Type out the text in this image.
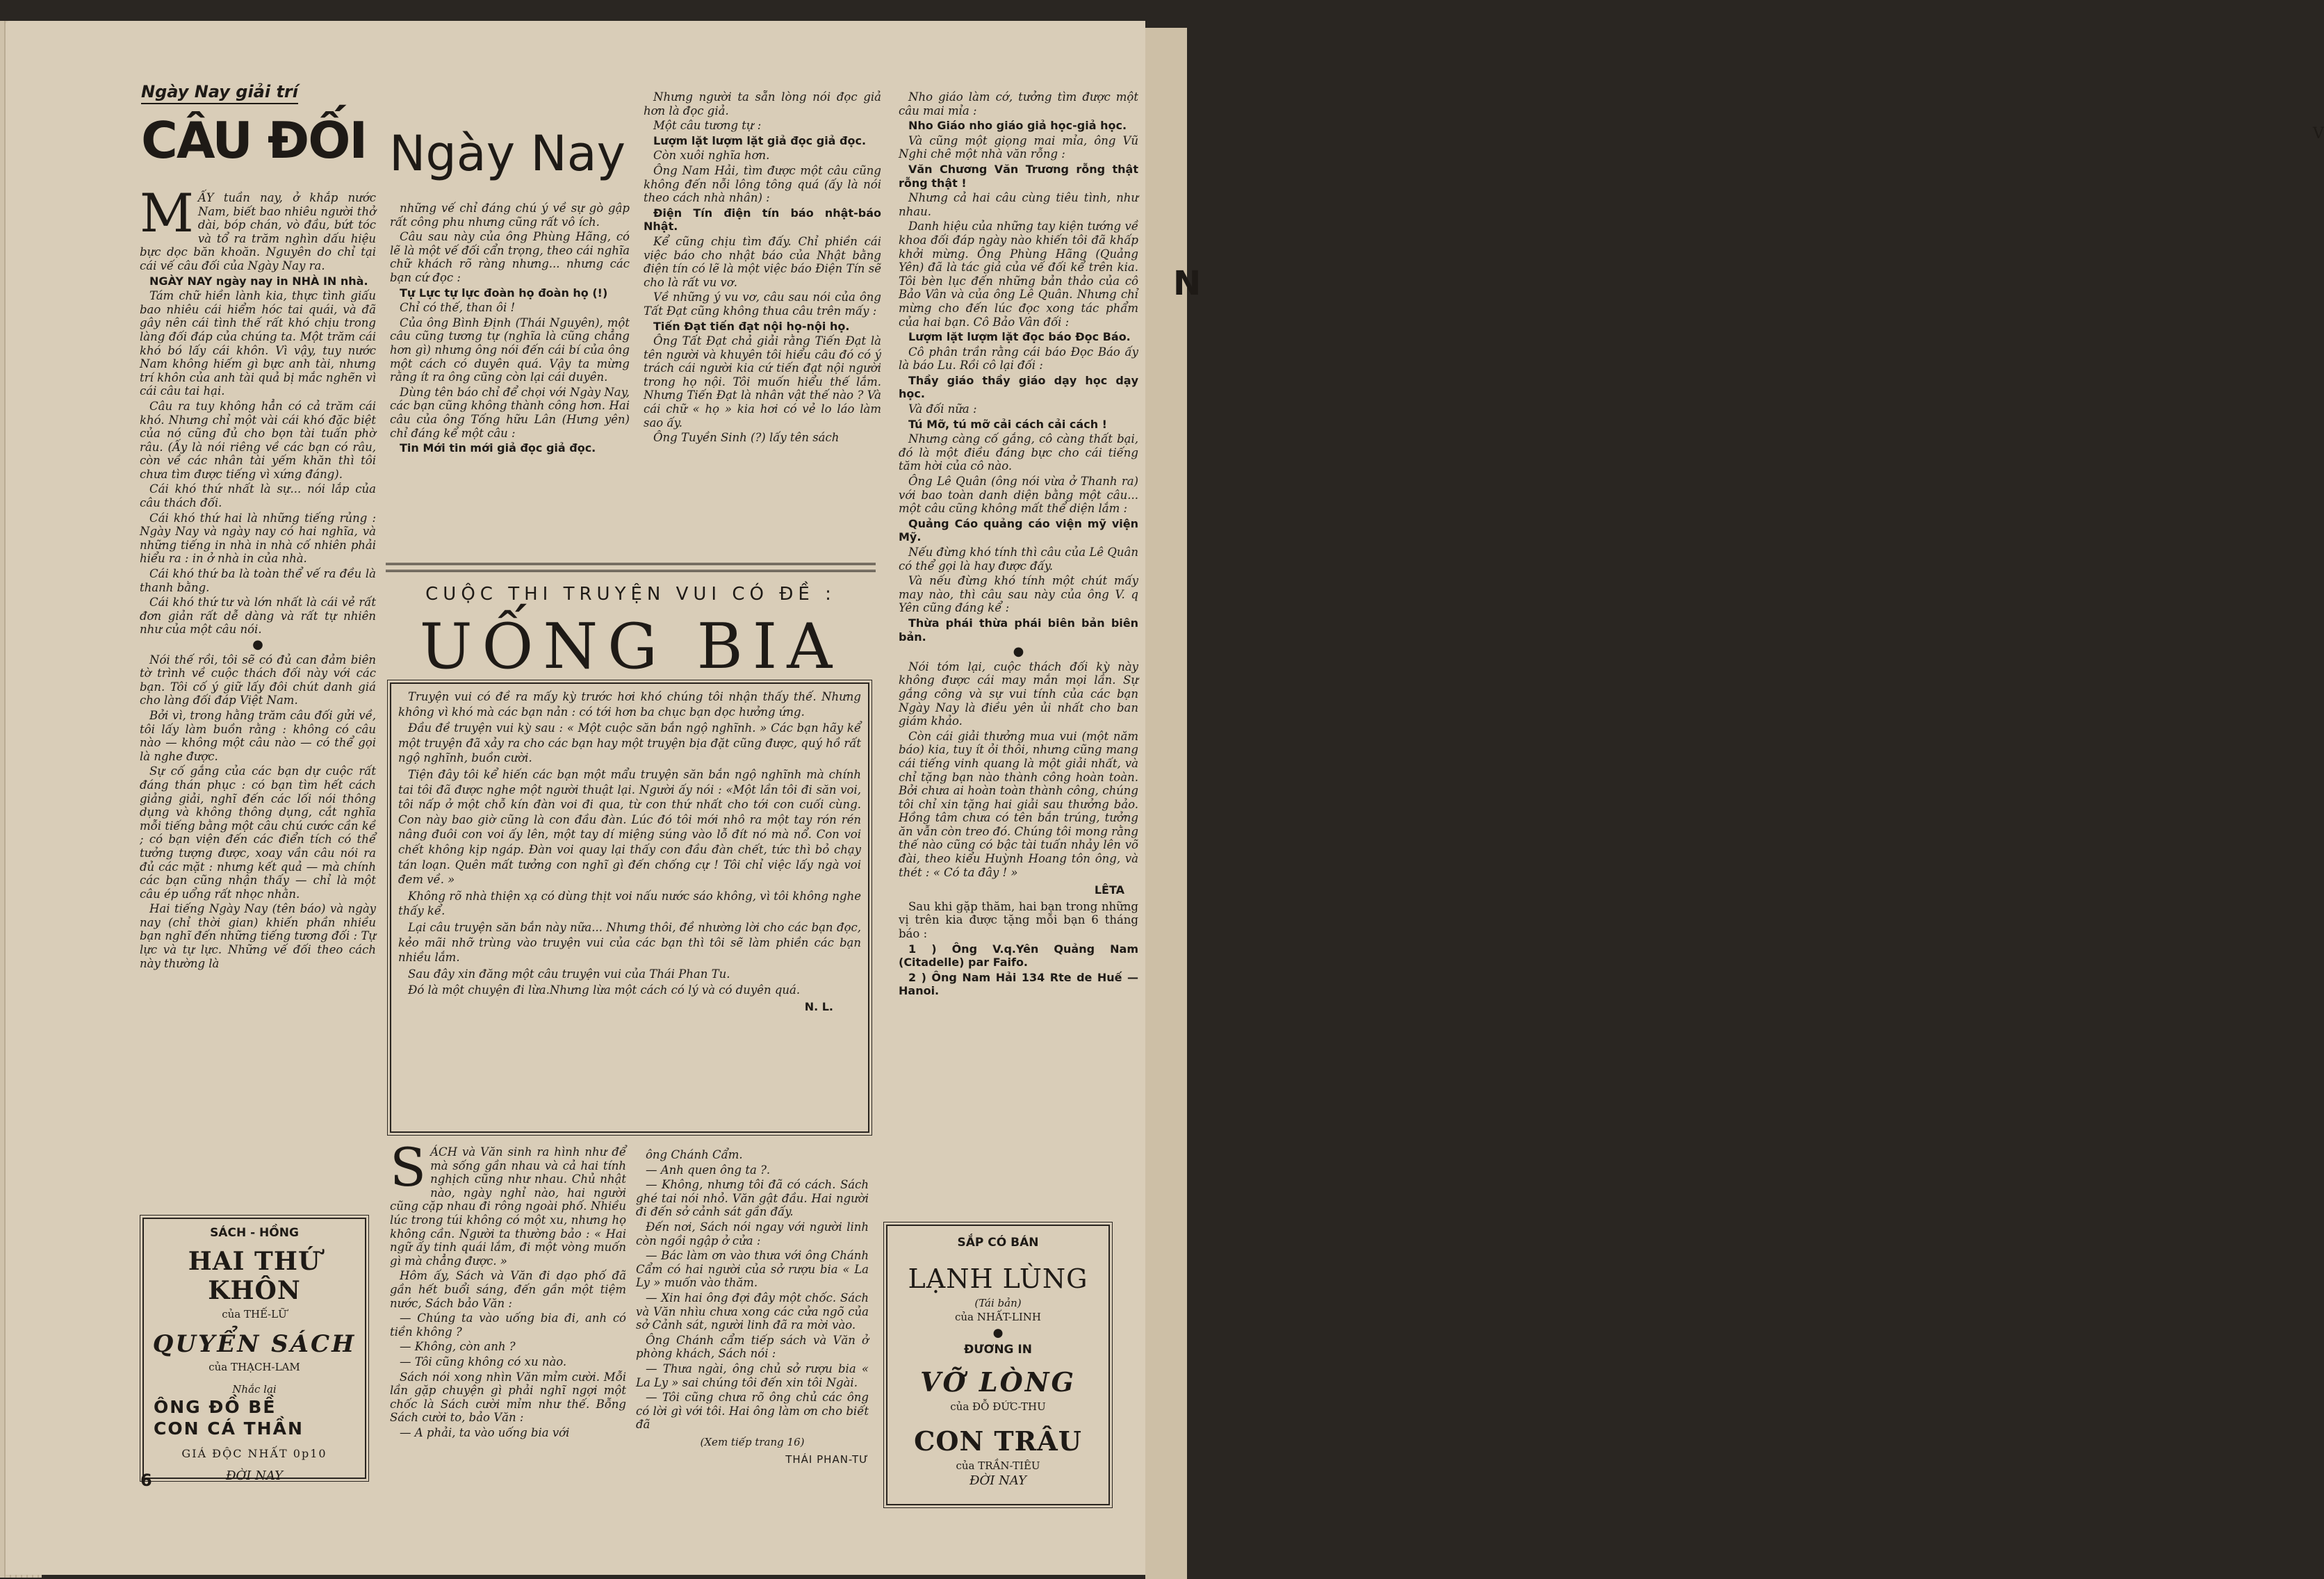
V
N
Ngày Nay giải trí
CÂU ĐỐI Ngày Nay

MẤY tuần nay, ở khắp nước Nam, biết bao nhiêu người thở dài, bóp chán, vò đầu, bứt tóc và tổ ra trăm nghìn dấu hiệu bực dọc băn khoăn. Nguyên do chỉ tại cái vế câu đối của Ngày Nay ra.

NGÀY NAY ngày nay in NHÀ IN nhà.

Tám chữ hiền lành kia, thực tình giấu bao nhiêu cái hiểm hóc tai quái, và đã gây nên cái tình thế rất khó chịu trong làng đối đáp của chúng ta. Một trăm cái khó bó lấy cái khôn. Vì vậy, tuy nước Nam không hiếm gì bực anh tài, nhưng trí khôn của anh tài quả bị mắc nghẽn vì cái câu tai hại.

Câu ra tuy không hẳn có cả trăm cái khó. Nhưng chỉ một vài cái khó đặc biệt của nó cũng đủ cho bọn tài tuấn phờ râu. (Ấy là nói riêng về các bạn có râu, còn về các nhân tài yếm khăn thì tôi chưa tìm được tiếng vì xứng đáng).

Cái khó thứ nhất là sự... nói lắp của câu thách đối.

Cái khó thứ hai là những tiếng rủng : Ngày Nay và ngày nay có hai nghĩa, và những tiếng in nhà in nhà cố nhiên phải hiểu ra : in ở nhà in của nhà.

Cái khó thứ ba là toàn thể vế ra đều là thanh bằng.

Cái khó thứ tư và lớn nhất là cái vẻ rất đơn giản rất dễ dàng và rất tự nhiên như của một câu nói.

●

Nói thế rồi, tôi sẽ có đủ can đảm biên tờ trình về cuộc thách đối này với các bạn. Tôi cố ý giữ lấy đôi chút danh giá cho làng đối đáp Việt Nam.

Bởi vì, trong hằng trăm câu đối gửi về, tôi lấy làm buồn rằng : không có câu nào — không một câu nào — có thể gọi là nghe được.

Sự cố gắng của các bạn dự cuộc rất đáng thán phục : có bạn tìm hết cách giảng giải, nghĩ đến các lối nói thông dụng và không thông dụng, cắt nghĩa mỗi tiếng bằng một câu chú cước cần kề ; có bạn viện đến các điển tích có thể tưởng tượng được, xoay vần câu nói ra đủ các mặt : nhưng kết quả — mà chính các bạn cũng nhận thấy — chỉ là một câu ép uổng rất nhọc nhằn.

Hai tiếng Ngày Nay (tên báo) và ngày nay (chỉ thời gian) khiến phần nhiều bạn nghĩ đến những tiếng tương đối : Tự lực và tự lực. Những vế đối theo cách này thường là

những vế chỉ đáng chú ý về sự gò gập rất công phu nhưng cũng rất vô ích.

Câu sau này của ông Phùng Hãng, có lẽ là một vế đối cẩn trọng, theo cái nghĩa chữ khách rõ ràng nhưng... nhưng các bạn cứ đọc :

Tự Lực tự lực đoàn họ đoàn họ (!)

Chỉ có thế, than ôi !

Của ông Bình Định (Thái Nguyên), một câu cũng tương tự (nghĩa là cũng chẳng hơn gì) nhưng ông nói đến cái bí của ông một cách có duyên quá. Vậy ta mừng rằng ít ra ông cũng còn lại cái duyên.

Dùng tên báo chỉ để chọi với Ngày Nay, các bạn cũng không thành công hơn. Hai câu của ông Tống hữu Lân (Hưng yên) chỉ đáng kể một câu :

Tin Mới tin mới giả đọc giả đọc.

Nhưng người ta sẵn lòng nói đọc giả hơn là đọc giả.

Một câu tương tự :

Lượm lặt lượm lặt giả đọc giả đọc.

Còn xuôi nghĩa hơn.

Ông Nam Hải, tìm được một câu cũng không đến nỗi lông tông quá (ấy là nói theo cách nhà nhân) :

Điện Tín điện tín báo nhật-báo Nhật.

Kể cũng chịu tìm đấy. Chỉ phiền cái việc báo cho nhật báo của Nhật bằng điện tín có lẽ là một việc báo Điện Tín sẽ cho là rất vu vơ.

Về những ý vu vơ, câu sau nói của ông Tất Đạt cũng không thua câu trên mấy :

Tiến Đạt tiến đạt nội họ-nội họ.

Ông Tất Đạt chả giải rằng Tiến Đạt là tên người và khuyên tôi hiểu câu đó có ý trách cái người kia cứ tiến đạt nội người trong họ nội. Tôi muốn hiểu thế lắm. Nhưng Tiến Đạt là nhân vật thế nào ? Và cái chữ « họ » kia hơi có vẻ lo láo làm sao ấy.

Ông Tuyền Sinh (?) lấy tên sách

Nho giáo làm cớ, tưởng tìm được một câu mai mỉa :

Nho Giáo nho giáo giả học-giả học.

Và cũng một giọng mai mỉa, ông Vũ Nghi chê một nhà văn rỗng :

Văn Chương Văn Trương rỗng thật rỗng thật !

Nhưng cả hai câu cùng tiêu tình, như nhau.

Danh hiệu của những tay kiện tướng về khoa đối đáp ngày nào khiến tôi đã khấp khởi mừng. Ông Phùng Hãng (Quảng Yên) đã là tác giả của vế đối kể trên kia. Tôi bèn lục đến những bản thảo của cô Bảo Vân và của ông Lê Quân. Nhưng chỉ mừng cho đến lúc đọc xong tác phẩm của hai bạn. Cô Bảo Vân đối :

Lượm lặt lượm lặt đọc báo Đọc Báo.

Cô phân trần rằng cái báo Đọc Báo ấy là báo Lu. Rồi cô lại đối :

Thầy giáo thầy giáo dạy học dạy học.

Và đối nữa :

Tú Mỡ, tú mỡ cải cách cải cách !

Nhưng càng cố gắng, cô càng thất bại, đó là một điều đáng bực cho cái tiếng tăm hời của cô nào.

Ông Lê Quân (ông nói vừa ở Thanh ra) với bao toàn danh diện bằng một câu... một câu cũng không mất thể diện lắm :

Quảng Cáo quảng cáo viện mỹ viện Mỹ.

Nếu đừng khó tính thì câu của Lê Quân có thể gọi là hay được đấy.

Và nếu đừng khó tính một chút mấy may nào, thì câu sau này của ông V. q Yên cũng đáng kể :

Thừa phái thừa phái biên bản biên bản.

●

Nói tóm lại, cuộc thách đối kỳ này không được cái may mắn mọi lần. Sự gắng công và sự vui tính của các bạn Ngày Nay là điều yên ủi nhất cho ban giám khảo.

Còn cái giải thưởng mua vui (một năm báo) kia, tuy ít ỏi thôi, nhưng cũng mang cái tiếng vinh quang là một giải nhất, và chỉ tặng bạn nào thành công hoàn toàn. Bởi chưa ai hoàn toàn thành công, chúng tôi chỉ xin tặng hai giải sau thưởng bảo. Hồng tâm chưa có tên bắn trúng, tưởng ăn vẫn còn treo đó. Chúng tôi mong rằng thế nào cũng có bậc tài tuấn nhảy lên võ đài, theo kiểu Huỳnh Hoang tôn ông, và thét : « Có ta đây ! »

LÊTA

Sau khi gặp thăm, hai bạn trong những vị trên kia được tặng mỗi bạn 6 tháng báo :

1 ) Ông V.q.Yên Quảng Nam (Citadelle) par Faifo.

2 ) Ông Nam Hải 134 Rte de Huế — Hanoi.

CUỘC THI TRUYỆN VUI CÓ ĐỀ :
UỐNG BIA

Truyện vui có đề ra mấy kỳ trước hơi khó chúng tôi nhận thấy thế. Nhưng không vì khó mà các bạn nản : có tới hơn ba chục bạn dọc hưởng ứng.

Đầu đề truyện vui kỳ sau : « Một cuộc săn bắn ngộ nghĩnh. » Các bạn hãy kể một truyện đã xảy ra cho các bạn hay một truyện bịa đặt cũng được, quý hồ rất ngộ nghĩnh, buồn cười.

Tiện đây tôi kể hiến các bạn một mẩu truyện săn bắn ngộ nghĩnh mà chính tai tôi đã được nghe một người thuật lại. Người ấy nói : «Một lần tôi đi săn voi, tôi nấp ở một chỗ kín đàn voi đi qua, từ con thứ nhất cho tới con cuối cùng. Con này bao giờ cũng là con đầu đàn. Lúc đó tôi mới nhô ra một tay rón rén nâng đuôi con voi ấy lên, một tay dí miệng súng vào lỗ đít nó mà nổ. Con voi chết không kịp ngáp. Đàn voi quay lại thấy con đầu đàn chết, tức thì bỏ chạy tán loạn. Quên mất tưởng con nghĩ gì đến chống cự ! Tôi chỉ việc lấy ngà voi đem về. »

Không rõ nhà thiện xạ có dùng thịt voi nấu nước sáo không, vì tôi không nghe thấy kể.

Lại câu truyện săn bắn này nữa... Nhưng thôi, đề nhường lời cho các bạn đọc, kẻo mãi nhỡ trùng vào truyện vui của các bạn thì tôi sẽ làm phiền các bạn nhiều lắm.

Sau đây xin đăng một câu truyện vui của Thái Phan Tu.

Đó là một chuyện đi lừa.Nhưng lừa một cách có lý và có duyên quá.

N. L.

SÁCH và Văn sinh ra hình như để mà sống gần nhau và cả hai tính nghịch cũng như nhau. Chủ nhật nào, ngày nghỉ nào, hai người cũng cặp nhau đi rông ngoài phố. Nhiều lúc trong túi không có một xu, nhưng họ không cần. Người ta thường bảo : « Hai ngữ ấy tinh quái lắm, đi một vòng muốn gì mà chẳng được. »

Hôm ấy, Sách và Văn đi dạo phố đã gần hết buổi sáng, đến gần một tiệm nước, Sách bảo Văn :

— Chúng ta vào uống bia đi, anh có tiền không ?

— Không, còn anh ?

— Tôi cũng không có xu nào.

Sách nói xong nhìn Văn mỉm cười. Mỗi lần gặp chuyện gì phải nghĩ ngợi một chốc là Sách cười mỉm như thế. Bỗng Sách cười to, bảo Văn :

— A phải, ta vào uống bia với

ông Chánh Cẩm.

— Anh quen ông ta ?.

— Không, nhưng tôi đã có cách. Sách ghé tai nói nhỏ. Văn gật đầu. Hai người đi đến sở cảnh sát gần đấy.

Đến nơi, Sách nói ngay với người linh còn ngồi ngập ở cửa :

— Bác làm ơn vào thưa với ông Chánh Cẩm có hai người của sở rượu bia « La Ly » muốn vào thăm.

— Xin hai ông đợi đây một chốc. Sách và Văn nhìu chưa xong các cửa ngõ của sở Cảnh sát, người linh đã ra mời vào.

Ông Chánh cẩm tiếp sách và Văn ở phòng khách, Sách nói :

— Thưa ngài, ông chủ sở rượu bia « La Ly » sai chúng tôi đến xin tôi Ngài.

— Tôi cũng chưa rõ ông chủ các ông có lời gì với tôi. Hai ông làm ơn cho biết đã

(Xem tiếp trang 16)
THÁI PHAN-TƯ
SÁCH - HỒNG
HAI THỨ KHÔN
của THẾ-LỮ
QUYỂN SÁCH
của THẠCH-LAM
Nhắc lại
ÔNG ĐỒ BỀ
CON CÁ THẦN
GIÁ ĐỘC NHẤT 0p10
ĐỜI NAY
SẮP CÓ BÁN
LẠNH LÙNG
(Tái bản)
của NHẤT-LINH
●
ĐƯƠNG IN
VỠ LÒNG
của ĐỖ ĐỨC-THU
CON TRÂU
của TRẦN-TIÊU
ĐỜI NAY
6
